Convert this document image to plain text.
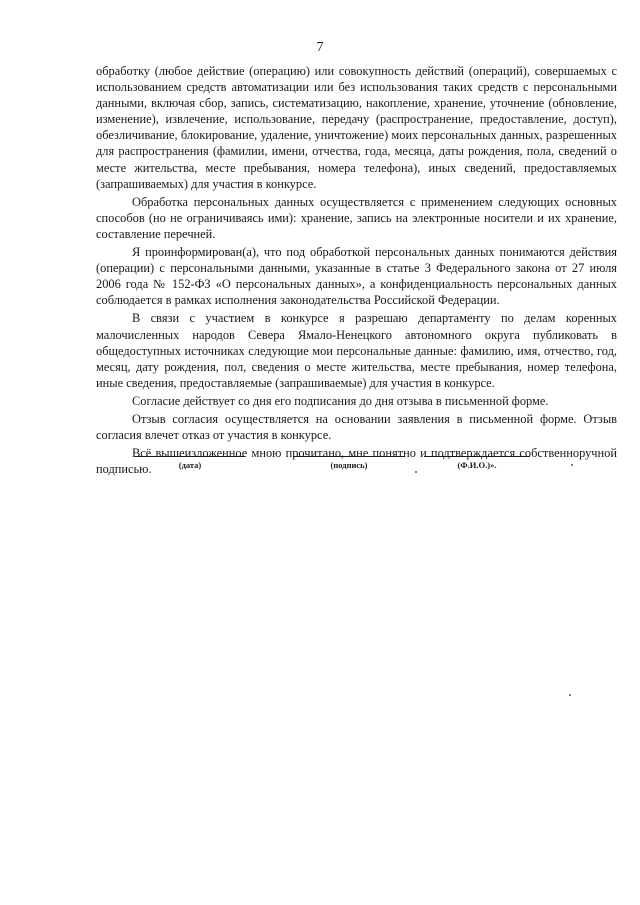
7

обработку (любое действие (операцию) или совокупность действий (операций), совершаемых с использованием средств автоматизации или без использования таких средств с персональными данными, включая сбор, запись, систематизацию, накопление, хранение, уточнение (обновление, изменение), извлечение, использование, передачу (распространение, предоставление, доступ), обезличивание, блокирование, удаление, уничтожение) моих персональных данных, разрешенных для распространения (фамилии, имени, отчества, года, месяца, даты рождения, пола, сведений о месте жительства, месте пребывания, номера телефона), иных сведений, предоставляемых (запрашиваемых) для участия в конкурсе.

Обработка персональных данных осуществляется с применением следующих основных способов (но не ограничиваясь ими): хранение, запись на электронные носители и их хранение, составление перечней.

Я проинформирован(а), что под обработкой персональных данных понимаются действия (операции) с персональными данными, указанные в статье 3 Федерального закона от 27 июля 2006 года № 152-ФЗ «О персональных данных», а конфиденциальность персональных данных соблюдается в рамках исполнения законодательства Российской Федерации.

В связи с участием в конкурсе я разрешаю департаменту по делам коренных малочисленных народов Севера Ямало-Ненецкого автономного округа публиковать в общедоступных источниках следующие мои персональные данные: фамилию, имя, отчество, год, месяц, дату рождения, пол, сведения о месте жительства, месте пребывания, номер телефона, иные сведения, предоставляемые (запрашиваемые) для участия в конкурсе.

Согласие действует со дня его подписания до дня отзыва в письменной форме.

Отзыв согласия осуществляется на основании заявления в письменной форме. Отзыв согласия влечет отказ от участия в конкурсе.

Всё вышеизложенное мною прочитано, мне понятно и подтверждается собственноручной подписью.	(дата)	(подпись)	(Ф.И.О.)».
